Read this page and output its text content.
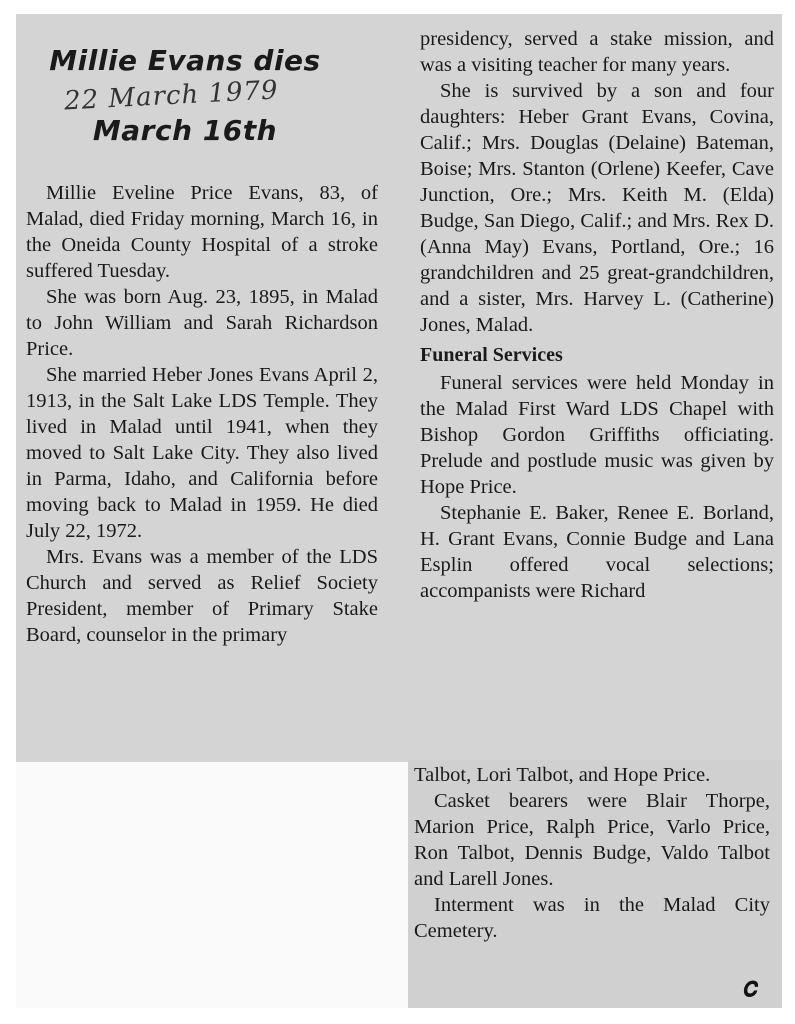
Millie Evans dies
22 March 1979
March 16th

Millie Eveline Price Evans, 83, of Malad, died Friday morning, March 16, in the Oneida County Hospital of a stroke suffered Tuesday.

She was born Aug. 23, 1895, in Malad to John William and Sarah Richardson Price.

She married Heber Jones Evans April 2, 1913, in the Salt Lake LDS Temple. They lived in Malad until 1941, when they moved to Salt Lake City. They also lived in Parma, Idaho, and California before moving back to Malad in 1959. He died July 22, 1972.

Mrs. Evans was a member of the LDS Church and served as Relief Society President, member of Primary Stake Board, counselor in the primary

presidency, served a stake mission, and was a visiting teacher for many years.

She is survived by a son and four daughters: Heber Grant Evans, Covina, Calif.; Mrs. Douglas (Delaine) Bateman, Boise; Mrs. Stanton (Orlene) Keefer, Cave Junction, Ore.; Mrs. Keith M. (Elda) Budge, San Diego, Calif.; and Mrs. Rex D. (Anna May) Evans, Portland, Ore.; 16 grandchildren and 25 great-grandchildren, and a sister, Mrs. Harvey L. (Catherine) Jones, Malad.

Funeral Services

Funeral services were held Monday in the Malad First Ward LDS Chapel with Bishop Gordon Griffiths officiating. Prelude and postlude music was given by Hope Price.

Stephanie E. Baker, Renee E. Borland, H. Grant Evans, Connie Budge and Lana Esplin offered vocal selections; accompanists were Richard

Talbot, Lori Talbot, and Hope Price.

Casket bearers were Blair Thorpe, Marion Price, Ralph Price, Varlo Price, Ron Talbot, Dennis Budge, Valdo Talbot and Larell Jones.

Interment was in the Malad City Cemetery.

𝑐
